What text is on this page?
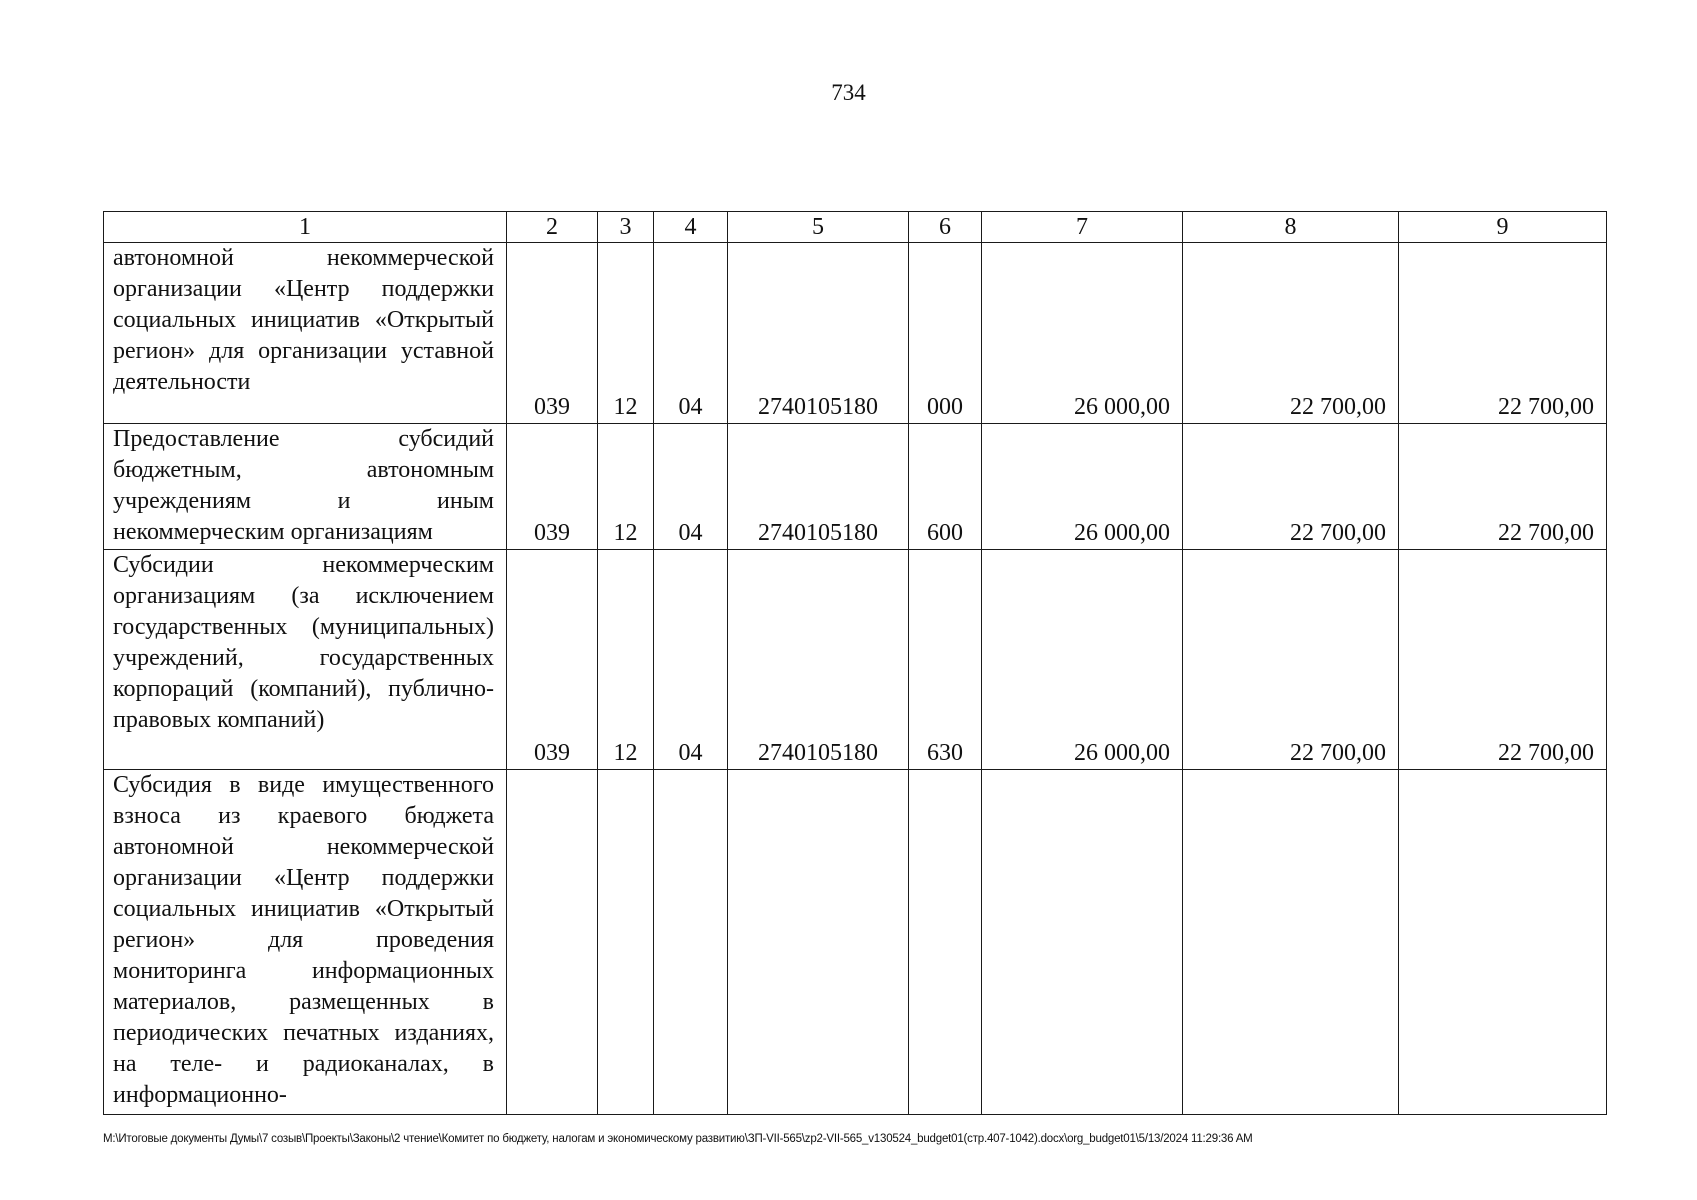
734
1	2	3	4	5	6	7	8	9
автономной некоммерческой организации «Центр поддержки социальных инициатив «Открытый регион» для организации уставной деятельности	039	12	04	2740105180	000	26 000,00	22 700,00	22 700,00
Предоставление субсидий бюджетным, автономным учреждениям и иным некоммерческим организациям	039	12	04	2740105180	600	26 000,00	22 700,00	22 700,00
Субсидии некоммерческим организациям (за исключением государственных (муниципальных) учреждений, государственных корпораций (компаний), публично-правовых компаний)	039	12	04	2740105180	630	26 000,00	22 700,00	22 700,00
Субсидия в виде имущественного взноса из краевого бюджета автономной некоммерческой организации «Центр поддержки социальных инициатив «Открытый регион» для проведения мониторинга информационных материалов, размещенных в периодических печатных изданиях, на теле- и радиоканалах, в информационно-								
M:\Итоговые документы Думы\7 созыв\Проекты\Законы\2 чтение\Комитет по бюджету, налогам и экономическому развитию\ЗП-VII-565\zp2-VII-565_v130524_budget01(стр.407-1042).docx\org_budget01\5/13/2024 11:29:36 AM
